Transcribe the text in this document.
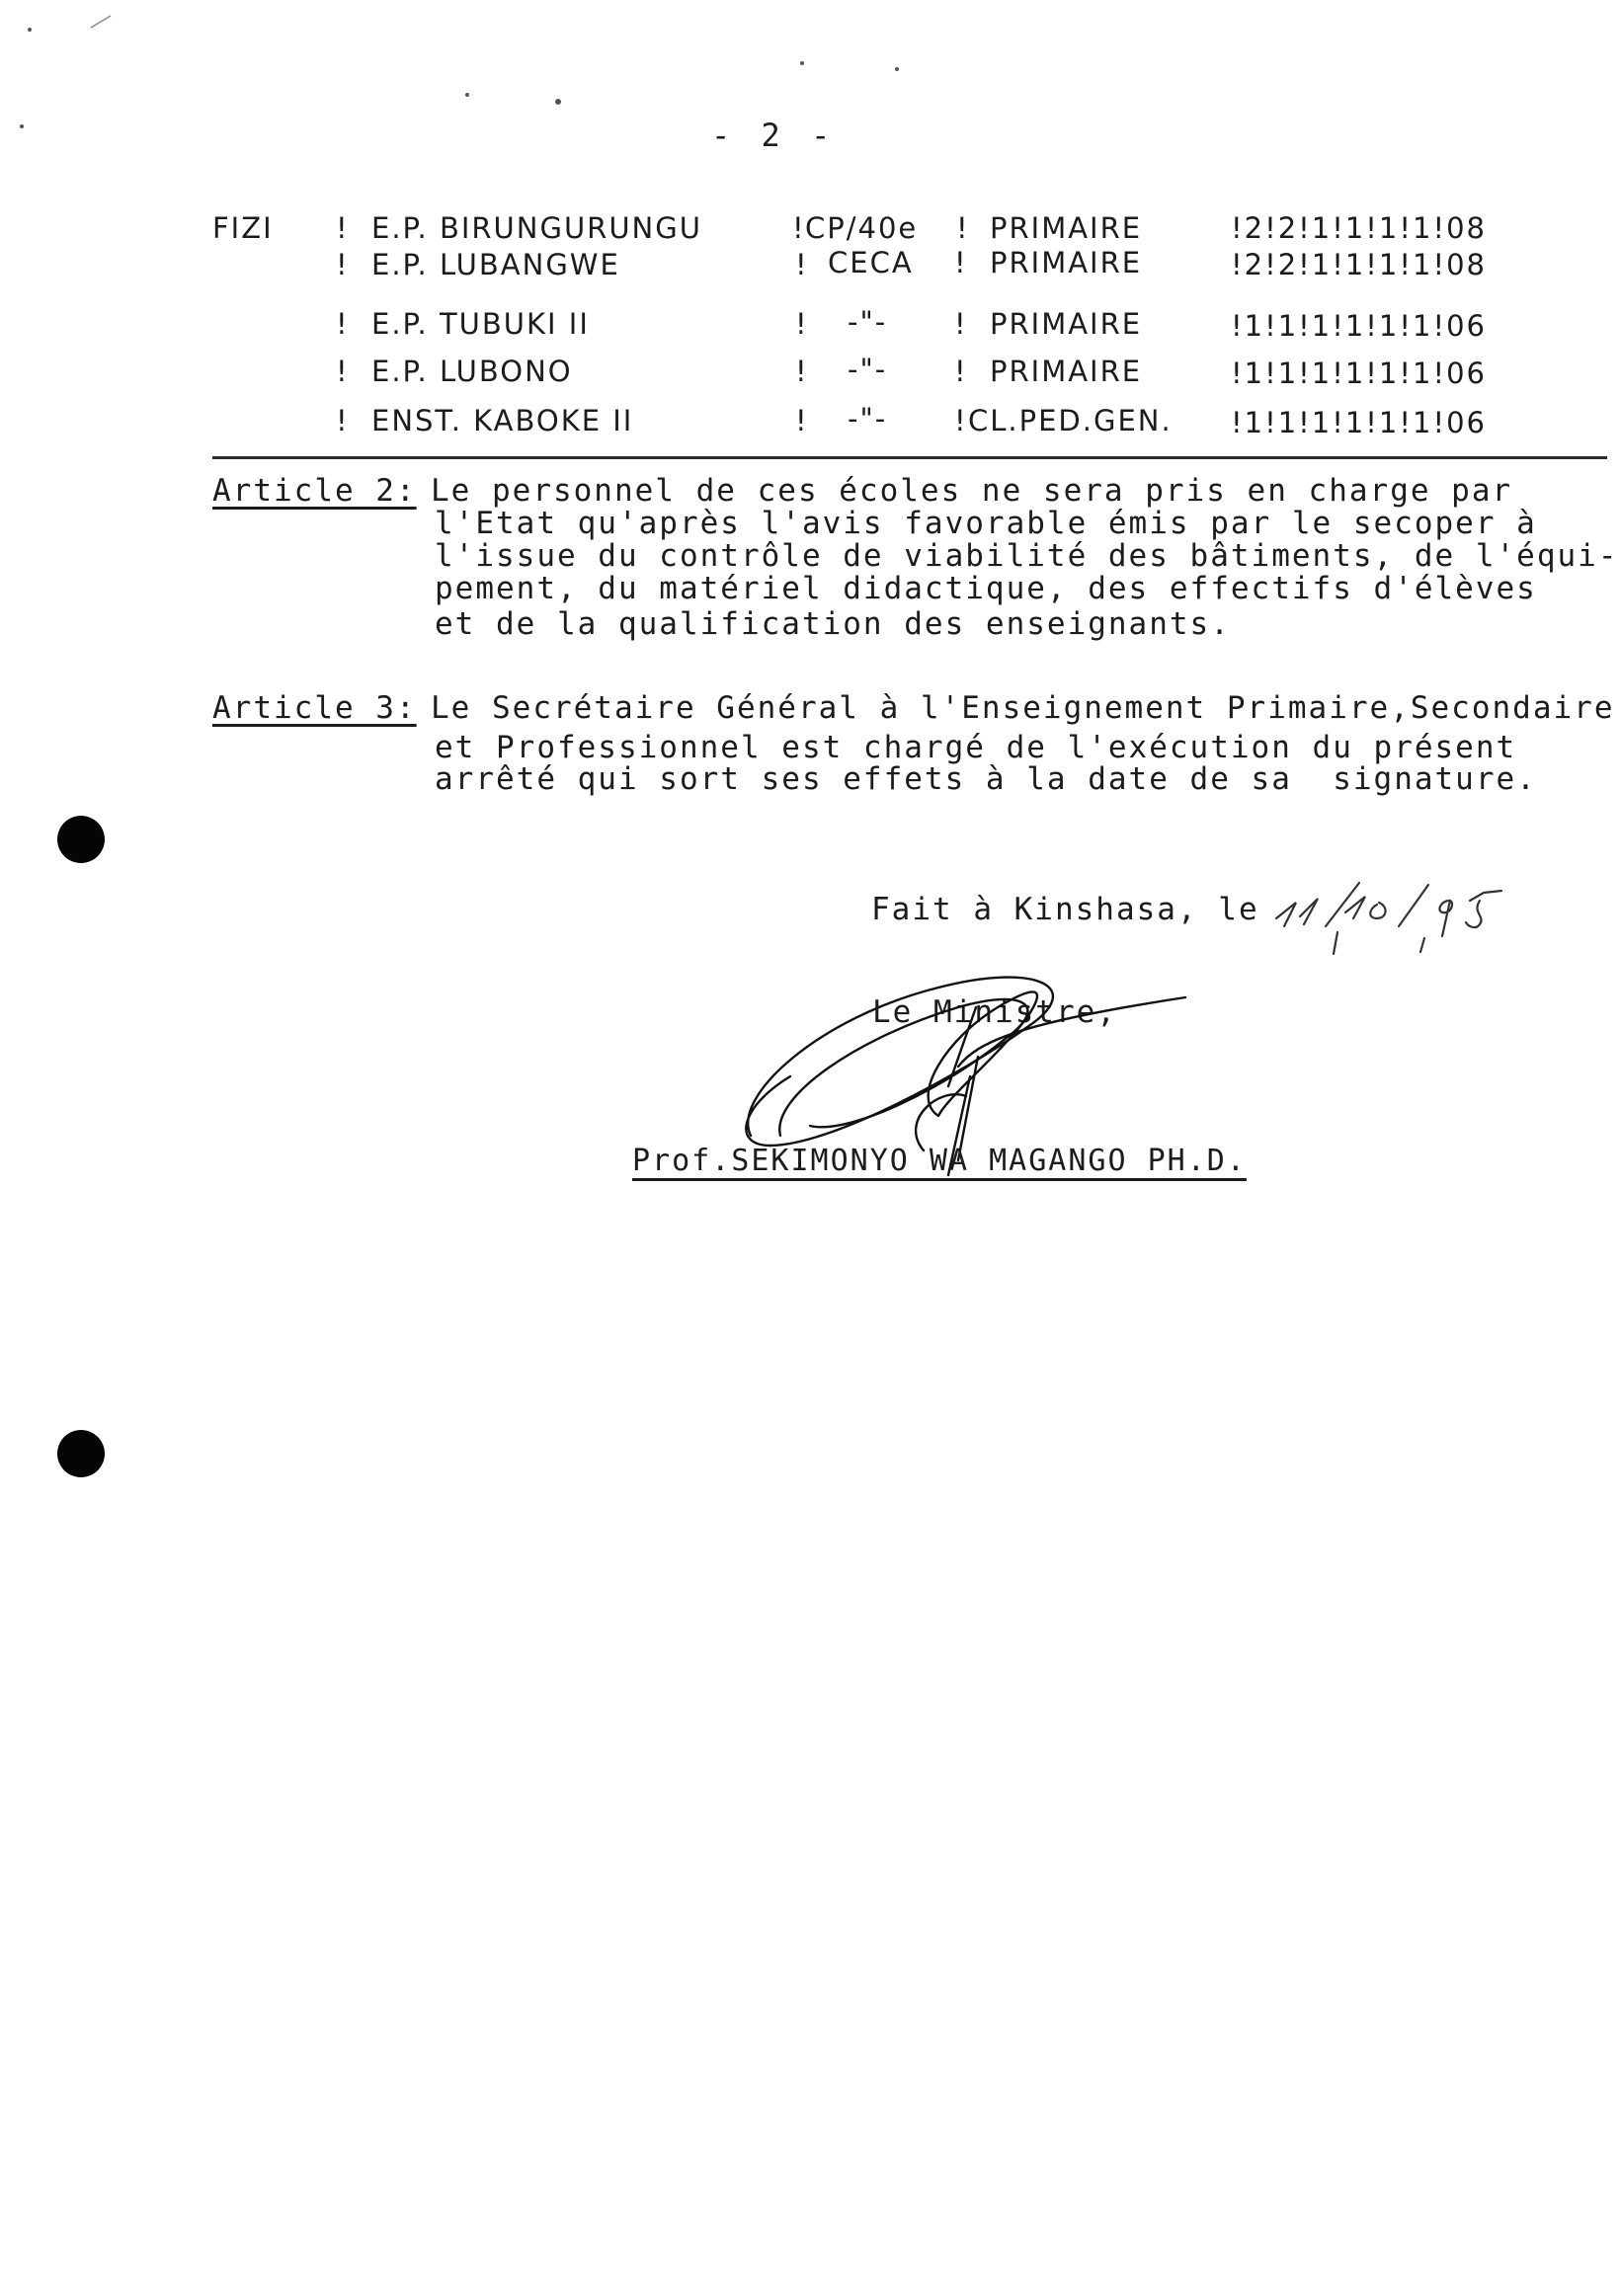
- 2 -
FIZI ! E.P. BIRUNGURUNGU	! CP/40e ! PRIMAIRE	!2!2!1!1!1!1!08
! E.P. LUBANGWE	! CECA ! PRIMAIRE	!2!2!1!1!1!1!08
! E.P. TUBUKI II	! -"- ! PRIMAIRE	!1!1!1!1!1!1!06
! E.P. LUBONO	! -"- ! PRIMAIRE	!1!1!1!1!1!1!06
! ENST. KABOKE II	! -"- ! CL.PED.GEN. !1!1!1!1!1!1!06
Article 2: Le personnel de ces écoles ne sera pris en charge par
l'Etat qu'après l'avis favorable émis par le secoper à
l'issue du contrôle de viabilité des bâtiments, de l'équi-
pement, du matériel didactique, des effectifs d'élèves
et de la qualification des enseignants.
Article 3: Le Secrétaire Général à l'Enseignement Primaire,Secondaire
et Professionnel est chargé de l'exécution du présent
arrêté qui sort ses effets à la date de sa  signature.
Fait à Kinshasa, le
Le Ministre,
Prof.SEKIMONYO WA MAGANGO PH.D.
